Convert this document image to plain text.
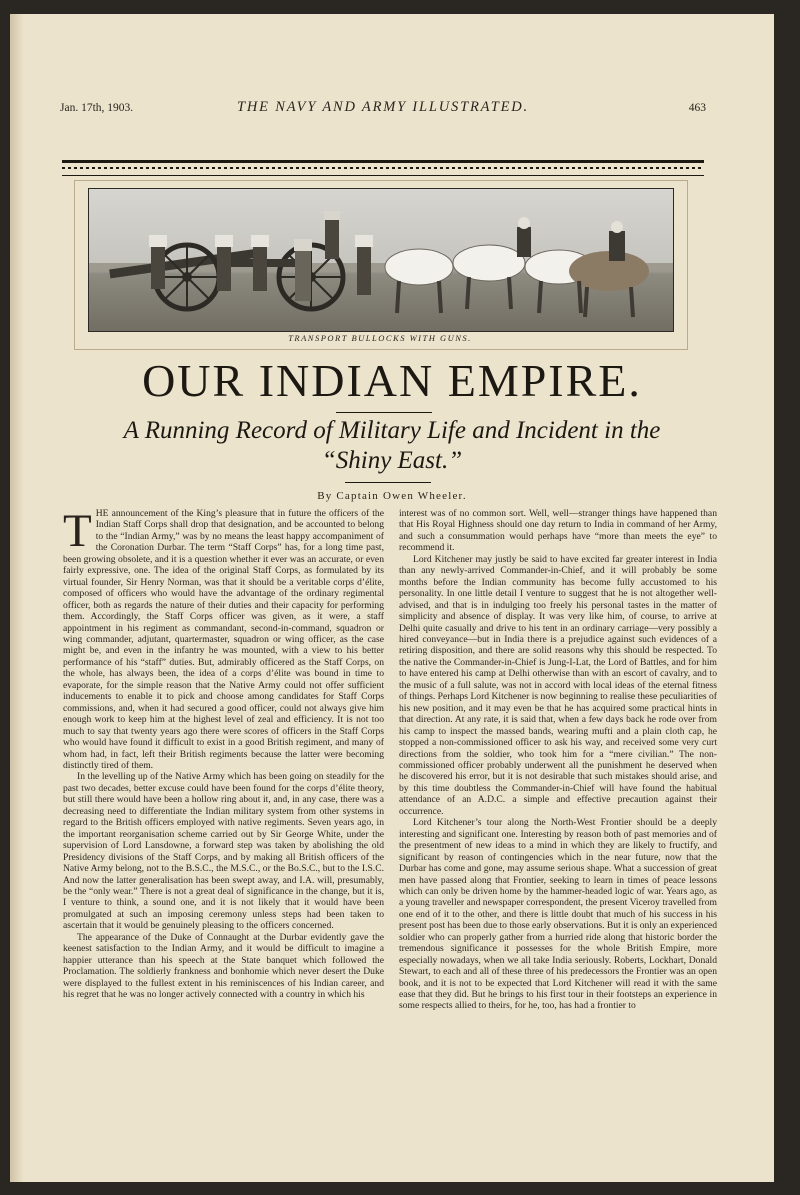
Jan. 17th, 1903.	THE NAVY AND ARMY ILLUSTRATED.	463
TRANSPORT BULLOCKS WITH GUNS.
OUR INDIAN EMPIRE.
A Running Record of Military Life and Incident in the
“Shiny East.”
By Captain Owen Wheeler.

THE announcement of the King’s pleasure that in future the officers of the Indian Staff Corps shall drop that designation, and be accounted to belong to the “Indian Army,” was by no means the least happy accompaniment of the Coronation Durbar. The term “Staff Corps” has, for a long time past, been growing obsolete, and it is a question whether it ever was an accurate, or even fairly expressive, one. The idea of the original Staff Corps, as formulated by its virtual founder, Sir Henry Norman, was that it should be a veritable corps d’élite, composed of officers who would have the advantage of the ordinary regimental officer, both as regards the nature of their duties and their capacity for performing them. Accordingly, the Staff Corps officer was given, as it were, a staff appointment in his regiment as commandant, second-in-command, squadron or wing commander, adjutant, quartermaster, squadron or wing officer, as the case might be, and even in the infantry he was mounted, with a view to his better performance of his “staff” duties. But, admirably officered as the Staff Corps, on the whole, has always been, the idea of a corps d’élite was bound in time to evaporate, for the simple reason that the Native Army could not offer sufficient inducements to enable it to pick and choose among candidates for Staff Corps commissions, and, when it had secured a good officer, could not always give him enough work to keep him at the highest level of zeal and efficiency. It is not too much to say that twenty years ago there were scores of officers in the Staff Corps who would have found it difficult to exist in a good British regiment, and many of whom had, in fact, left their British regiments because the latter were becoming distinctly tired of them.

In the levelling up of the Native Army which has been going on steadily for the past two decades, better excuse could have been found for the corps d’élite theory, but still there would have been a hollow ring about it, and, in any case, there was a decreasing need to differentiate the Indian military system from other systems in regard to the British officers employed with native regiments. Seven years ago, in the important reorganisation scheme carried out by Sir George White, under the supervision of Lord Lansdowne, a forward step was taken by abolishing the old Presidency divisions of the Staff Corps, and by making all British officers of the Native Army belong, not to the B.S.C., the M.S.C., or the Bo.S.C., but to the I.S.C. And now the latter generalisation has been swept away, and I.A. will, presumably, be the “only wear.” There is not a great deal of significance in the change, but it is, I venture to think, a sound one, and it is not likely that it would have been promulgated at such an imposing ceremony unless steps had been taken to ascertain that it would be genuinely pleasing to the officers concerned.

The appearance of the Duke of Connaught at the Durbar evidently gave the keenest satisfaction to the Indian Army, and it would be difficult to imagine a happier utterance than his speech at the State banquet which followed the Proclamation. The soldierly frankness and bonhomie which never desert the Duke were displayed to the fullest extent in his reminiscences of his Indian career, and his regret that he was no longer actively connected with a country in which his

interest was of no common sort. Well, well—stranger things have happened than that His Royal Highness should one day return to India in command of her Army, and such a consummation would perhaps have “more than meets the eye” to recommend it.

Lord Kitchener may justly be said to have excited far greater interest in India than any newly-arrived Commander-in-Chief, and it will probably be some months before the Indian community has become fully accustomed to his personality. In one little detail I venture to suggest that he is not altogether well-advised, and that is in indulging too freely his personal tastes in the matter of simplicity and absence of display. It was very like him, of course, to arrive at Delhi quite casually and drive to his tent in an ordinary carriage—very possibly a hired conveyance—but in India there is a prejudice against such evidences of a retiring disposition, and there are solid reasons why this should be respected. To the native the Commander-in-Chief is Jung-I-Lat, the Lord of Battles, and for him to have entered his camp at Delhi otherwise than with an escort of cavalry, and to the music of a full salute, was not in accord with local ideas of the eternal fitness of things. Perhaps Lord Kitchener is now beginning to realise these peculiarities of his new position, and it may even be that he has acquired some practical hints in that direction. At any rate, it is said that, when a few days back he rode over from his camp to inspect the massed bands, wearing mufti and a plain cloth cap, he stopped a non-commissioned officer to ask his way, and received some very curt directions from the soldier, who took him for a “mere civilian.” The non-commissioned officer probably underwent all the punishment he deserved when he discovered his error, but it is not desirable that such mistakes should arise, and by this time doubtless the Commander-in-Chief will have found the habitual attendance of an A.D.C. a simple and effective precaution against their occurrence.

Lord Kitchener’s tour along the North-West Frontier should be a deeply interesting and significant one. Interesting by reason both of past memories and of the presentment of new ideas to a mind in which they are likely to fructify, and significant by reason of contingencies which in the near future, now that the Durbar has come and gone, may assume serious shape. What a succession of great men have passed along that Frontier, seeking to learn in times of peace lessons which can only be driven home by the hammer-headed logic of war. Years ago, as a young traveller and newspaper correspondent, the present Viceroy travelled from one end of it to the other, and there is little doubt that much of his success in his present post has been due to those early observations. But it is only an experienced soldier who can properly gather from a hurried ride along that historic border the tremendous significance it possesses for the whole British Empire, more especially nowadays, when we all take India seriously. Roberts, Lockhart, Donald Stewart, to each and all of these three of his predecessors the Frontier was an open book, and it is not to be expected that Lord Kitchener will read it with the same ease that they did. But he brings to his first tour in their footsteps an experience in some respects allied to theirs, for he, too, has had a frontier to
